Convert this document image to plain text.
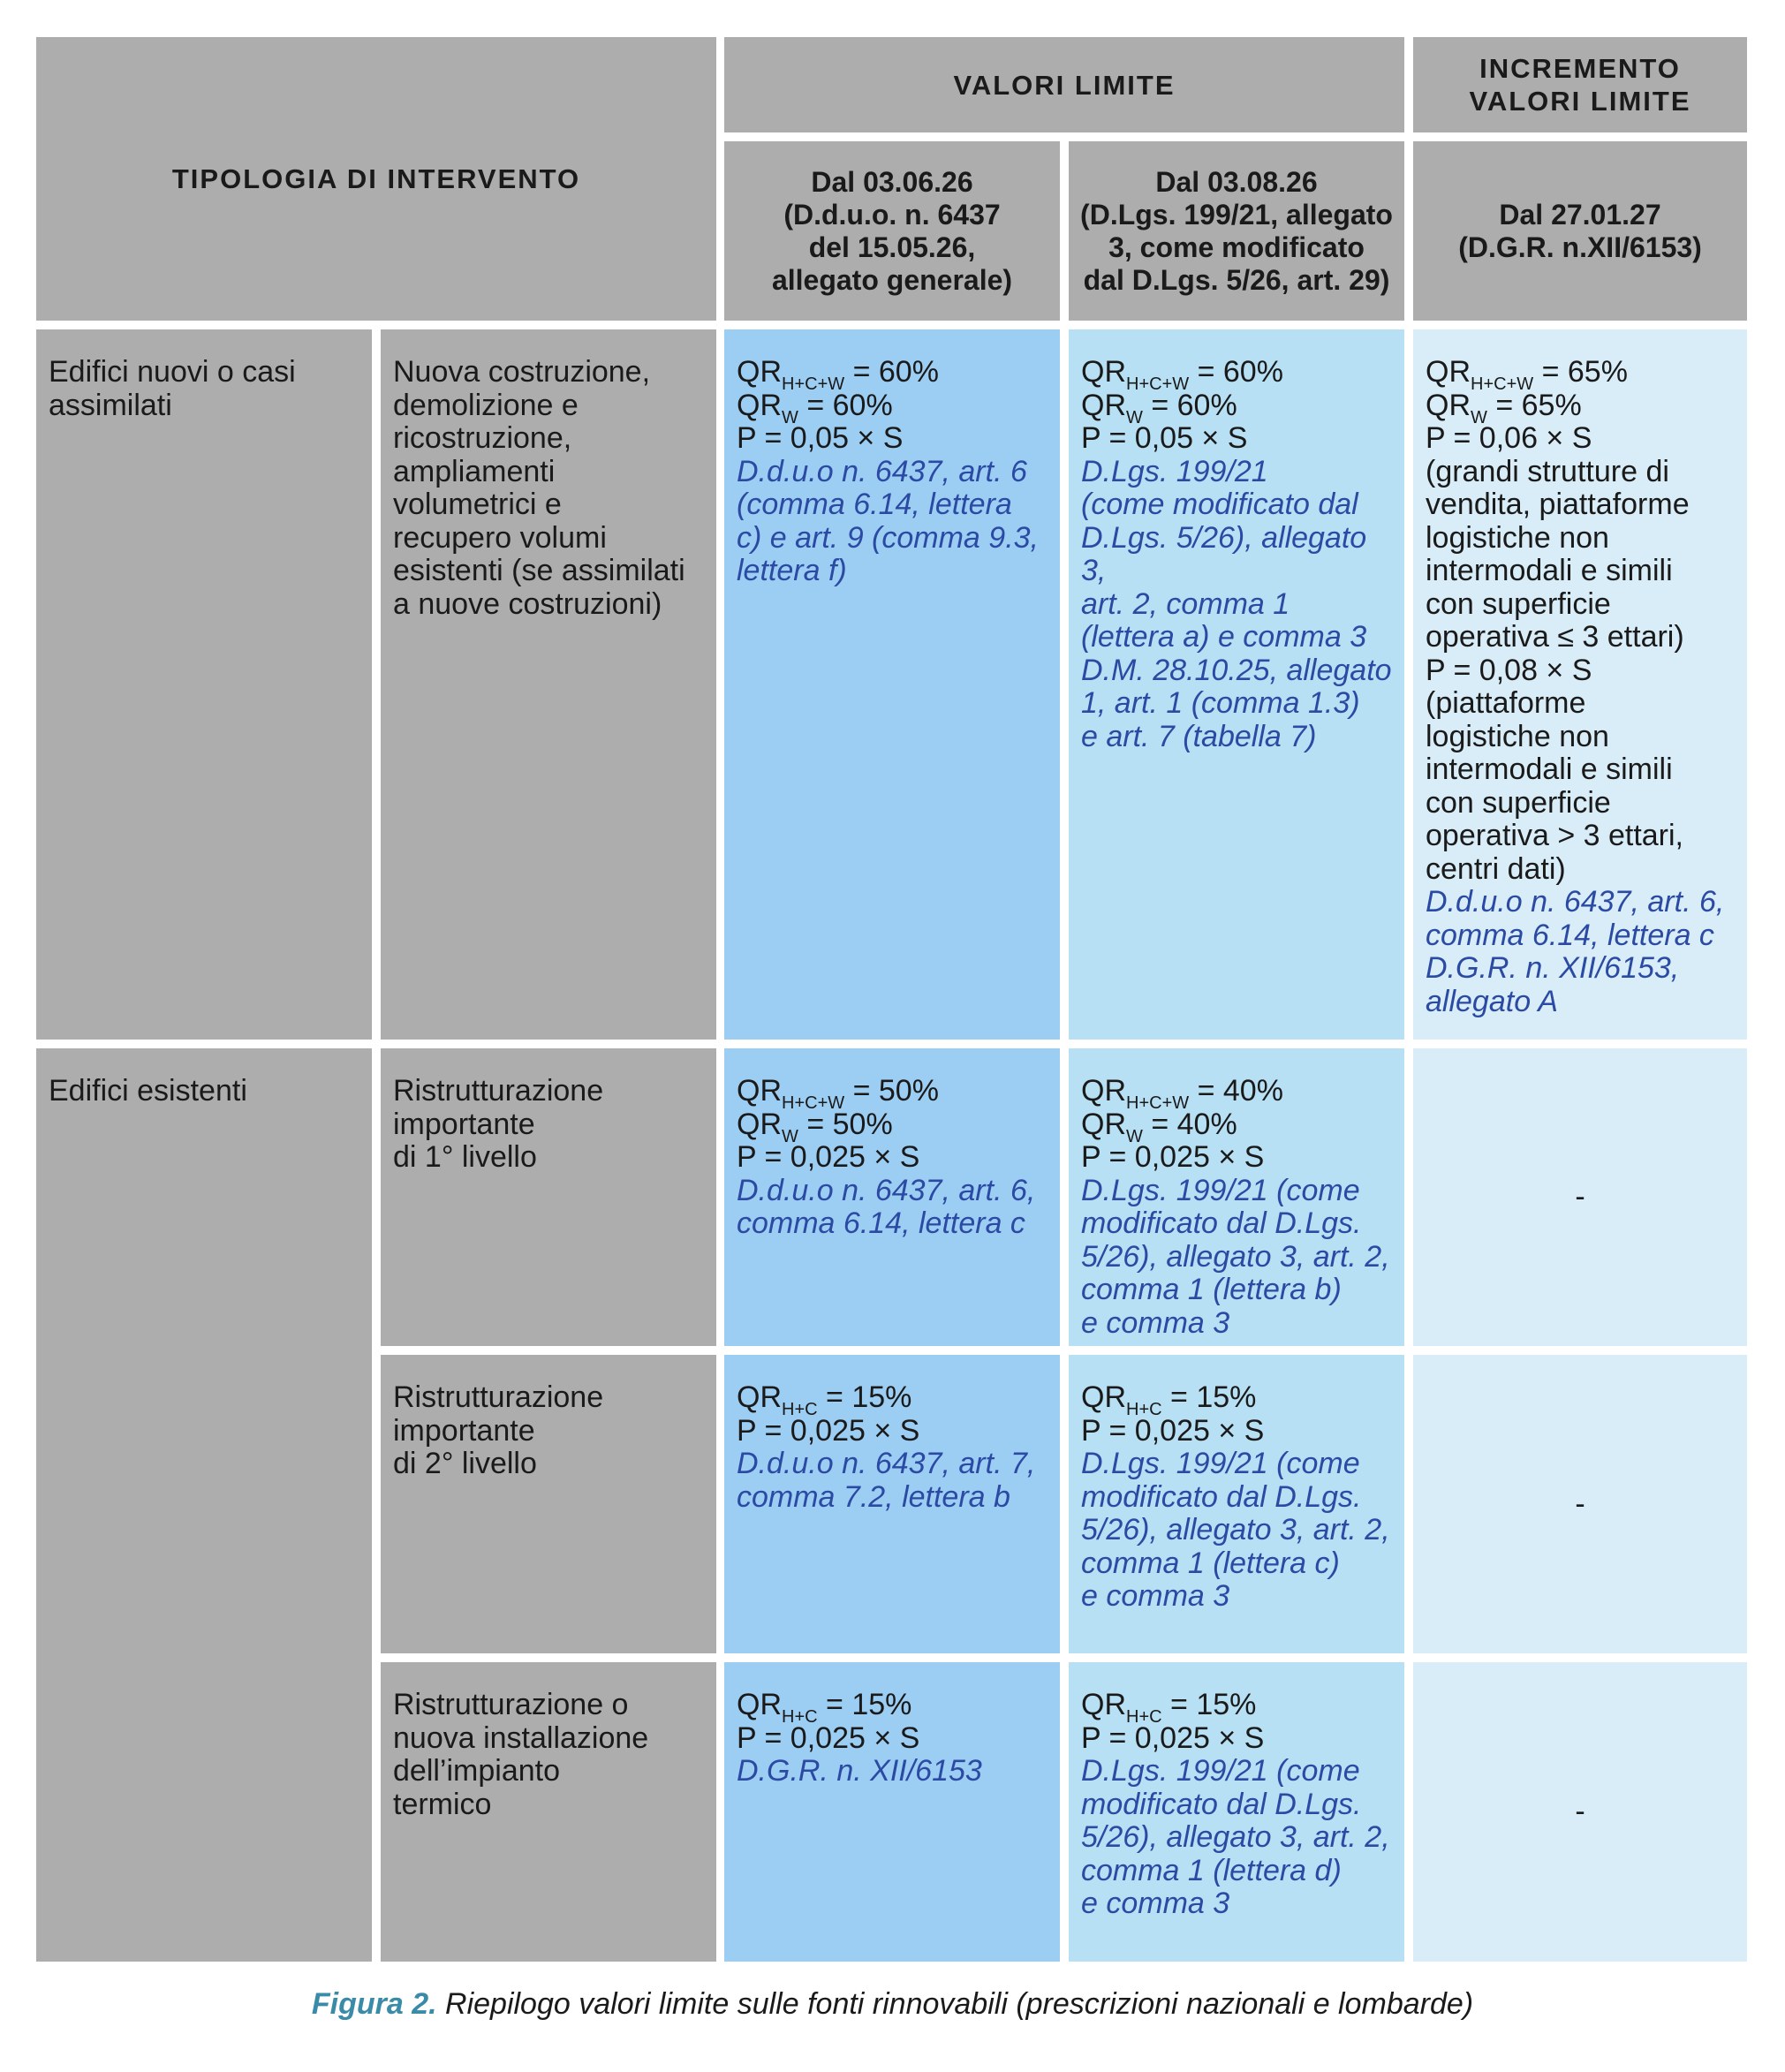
TIPOLOGIA DI INTERVENTO
VALORI LIMITE
INCREMENTO
VALORI LIMITE
Dal 03.06.26
(D.d.u.o. n. 6437
del 15.05.26,
allegato generale)
Dal 03.08.26
(D.Lgs. 199/21, allegato
3, come modificato
dal D.Lgs. 5/26, art. 29)
Dal 27.01.27
(D.G.R. n.XII/6153)
Edifici nuovi o casi
assimilati
Edifici esistenti
Nuova costruzione,
demolizione e
ricostruzione,
ampliamenti
volumetrici e
recupero volumi
esistenti (se assimilati
a nuove costruzioni)
$QR_{H+C+W} = 60\%$
$QR_W = 60\%$
P = 0,05 × S
D.d.u.o n. 6437, art. 6
(comma 6.14, lettera
c) e art. 9 (comma 9.3,
lettera f)
$QR_{H+C+W} = 60\%$
$QR_W = 60\%$
P = 0,05 × S
D.Lgs. 199/21
(come modificato dal
D.Lgs. 5/26), allegato 3,
art. 2, comma 1
(lettera a) e comma 3
D.M. 28.10.25, allegato
1, art. 1 (comma 1.3)
e art. 7 (tabella 7)
$QR_{H+C+W} = 65\%$
$QR_W = 65\%$
P = 0,06 × S
(grandi strutture di
vendita, piattaforme
logistiche non
intermodali e simili
con superficie
operativa ≤ 3 ettari)
P = 0,08 × S
(piattaforme
logistiche non
intermodali e simili
con superficie
operativa > 3 ettari,
centri dati)
D.d.u.o n. 6437, art. 6,
comma 6.14, lettera c
D.G.R. n. XII/6153,
allegato A
Ristrutturazione
importante
di 1° livello
$QR_{H+C+W} = 50\%$
$QR_W = 50\%$
P = 0,025 × S
D.d.u.o n. 6437, art. 6,
comma 6.14, lettera c
$QR_{H+C+W} = 40\%$
$QR_W = 40\%$
P = 0,025 × S
D.Lgs. 199/21 (come
modificato dal D.Lgs.
5/26), allegato 3, art. 2,
comma 1 (lettera b)
e comma 3
-
Ristrutturazione
importante
di 2° livello
$QR_{H+C} = 15\%$
P = 0,025 × S
D.d.u.o n. 6437, art. 7,
comma 7.2, lettera b
$QR_{H+C} = 15\%$
P = 0,025 × S
D.Lgs. 199/21 (come
modificato dal D.Lgs.
5/26), allegato 3, art. 2,
comma 1 (lettera c)
e comma 3
-
Ristrutturazione o
nuova installazione
dell’impianto
termico
$QR_{H+C} = 15\%$
P = 0,025 × S
D.G.R. n. XII/6153
$QR_{H+C} = 15\%$
P = 0,025 × S
D.Lgs. 199/21 (come
modificato dal D.Lgs.
5/26), allegato 3, art. 2,
comma 1 (lettera d)
e comma 3
-
Figura 2. Riepilogo valori limite sulle fonti rinnovabili (prescrizioni nazionali e lombarde)
